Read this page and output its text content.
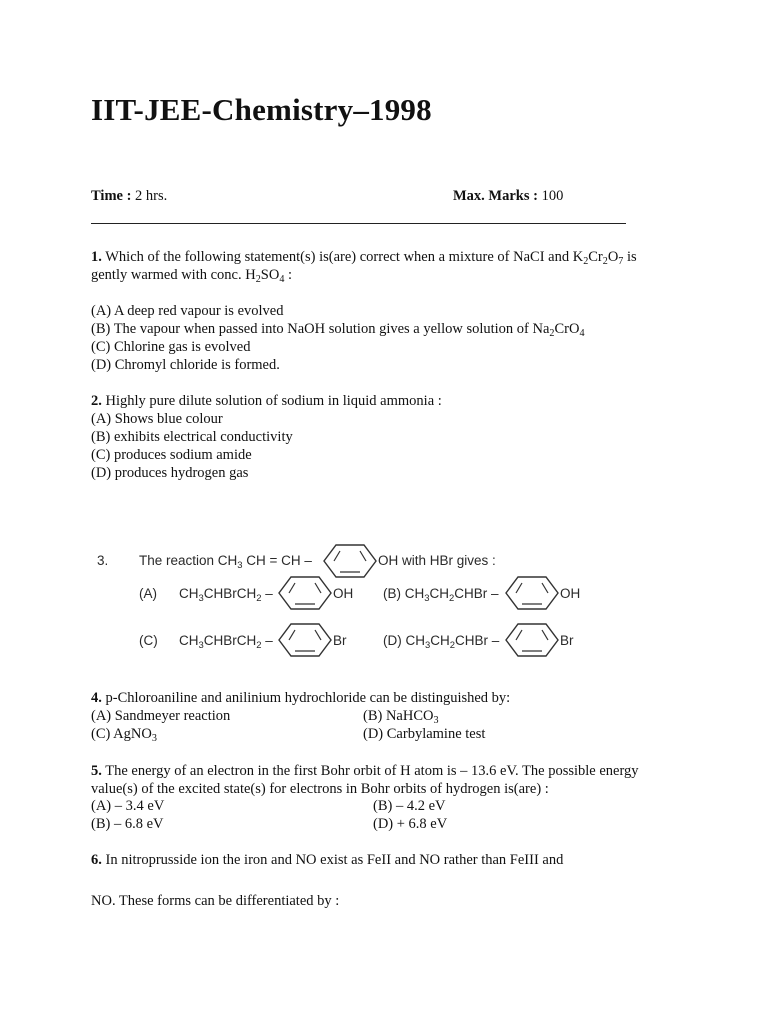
IIT-JEE-Chemistry–1998
Time : 2 hrs.	Max. Marks : 100
1. Which of the following statement(s) is(are) correct when a mixture of NaCI and $K_2Cr_2O_7$ is
gently warmed with conc. $H_2SO_4$ :
(A) A deep red vapour is evolved
(B) The vapour when passed into NaOH solution gives a yellow solution of $Na_2CrO_4$
(C) Chlorine gas is evolved
(D) Chromyl chloride is formed.
2. Highly pure dilute solution of sodium in liquid ammonia :
(A) Shows blue colour
(B) exhibits electrical conductivity
(C) produces sodium amide
(D) produces hydrogen gas
3. The reaction $CH_3$ CH = CH –	OH with HBr gives :
(A) $CH_3CHBrCH_2$ –	OH (B) $CH_3CH_2CHBr$ –	OH
(C) $CH_3CHBrCH_2$ –	Br	(D) $CH_3CH_2CHBr$ –	Br
4. p-Chloroaniline and anilinium hydrochloride can be distinguished by:
(A) Sandmeyer reaction	(B) NaHCO$_3$
(C) AgNO$_3$	(D) Carbylamine test
5. The energy of an electron in the first Bohr orbit of H atom is – 13.6 eV. The possible energy
value(s) of the excited state(s) for electrons in Bohr orbits of hydrogen is(are) :
(A) – 3.4 eV	(B) – 4.2 eV
(B) – 6.8 eV	(D) + 6.8 eV
6. In nitroprusside ion the iron and NO exist as FeII and NO rather than FeIII and
NO. These forms can be differentiated by :
